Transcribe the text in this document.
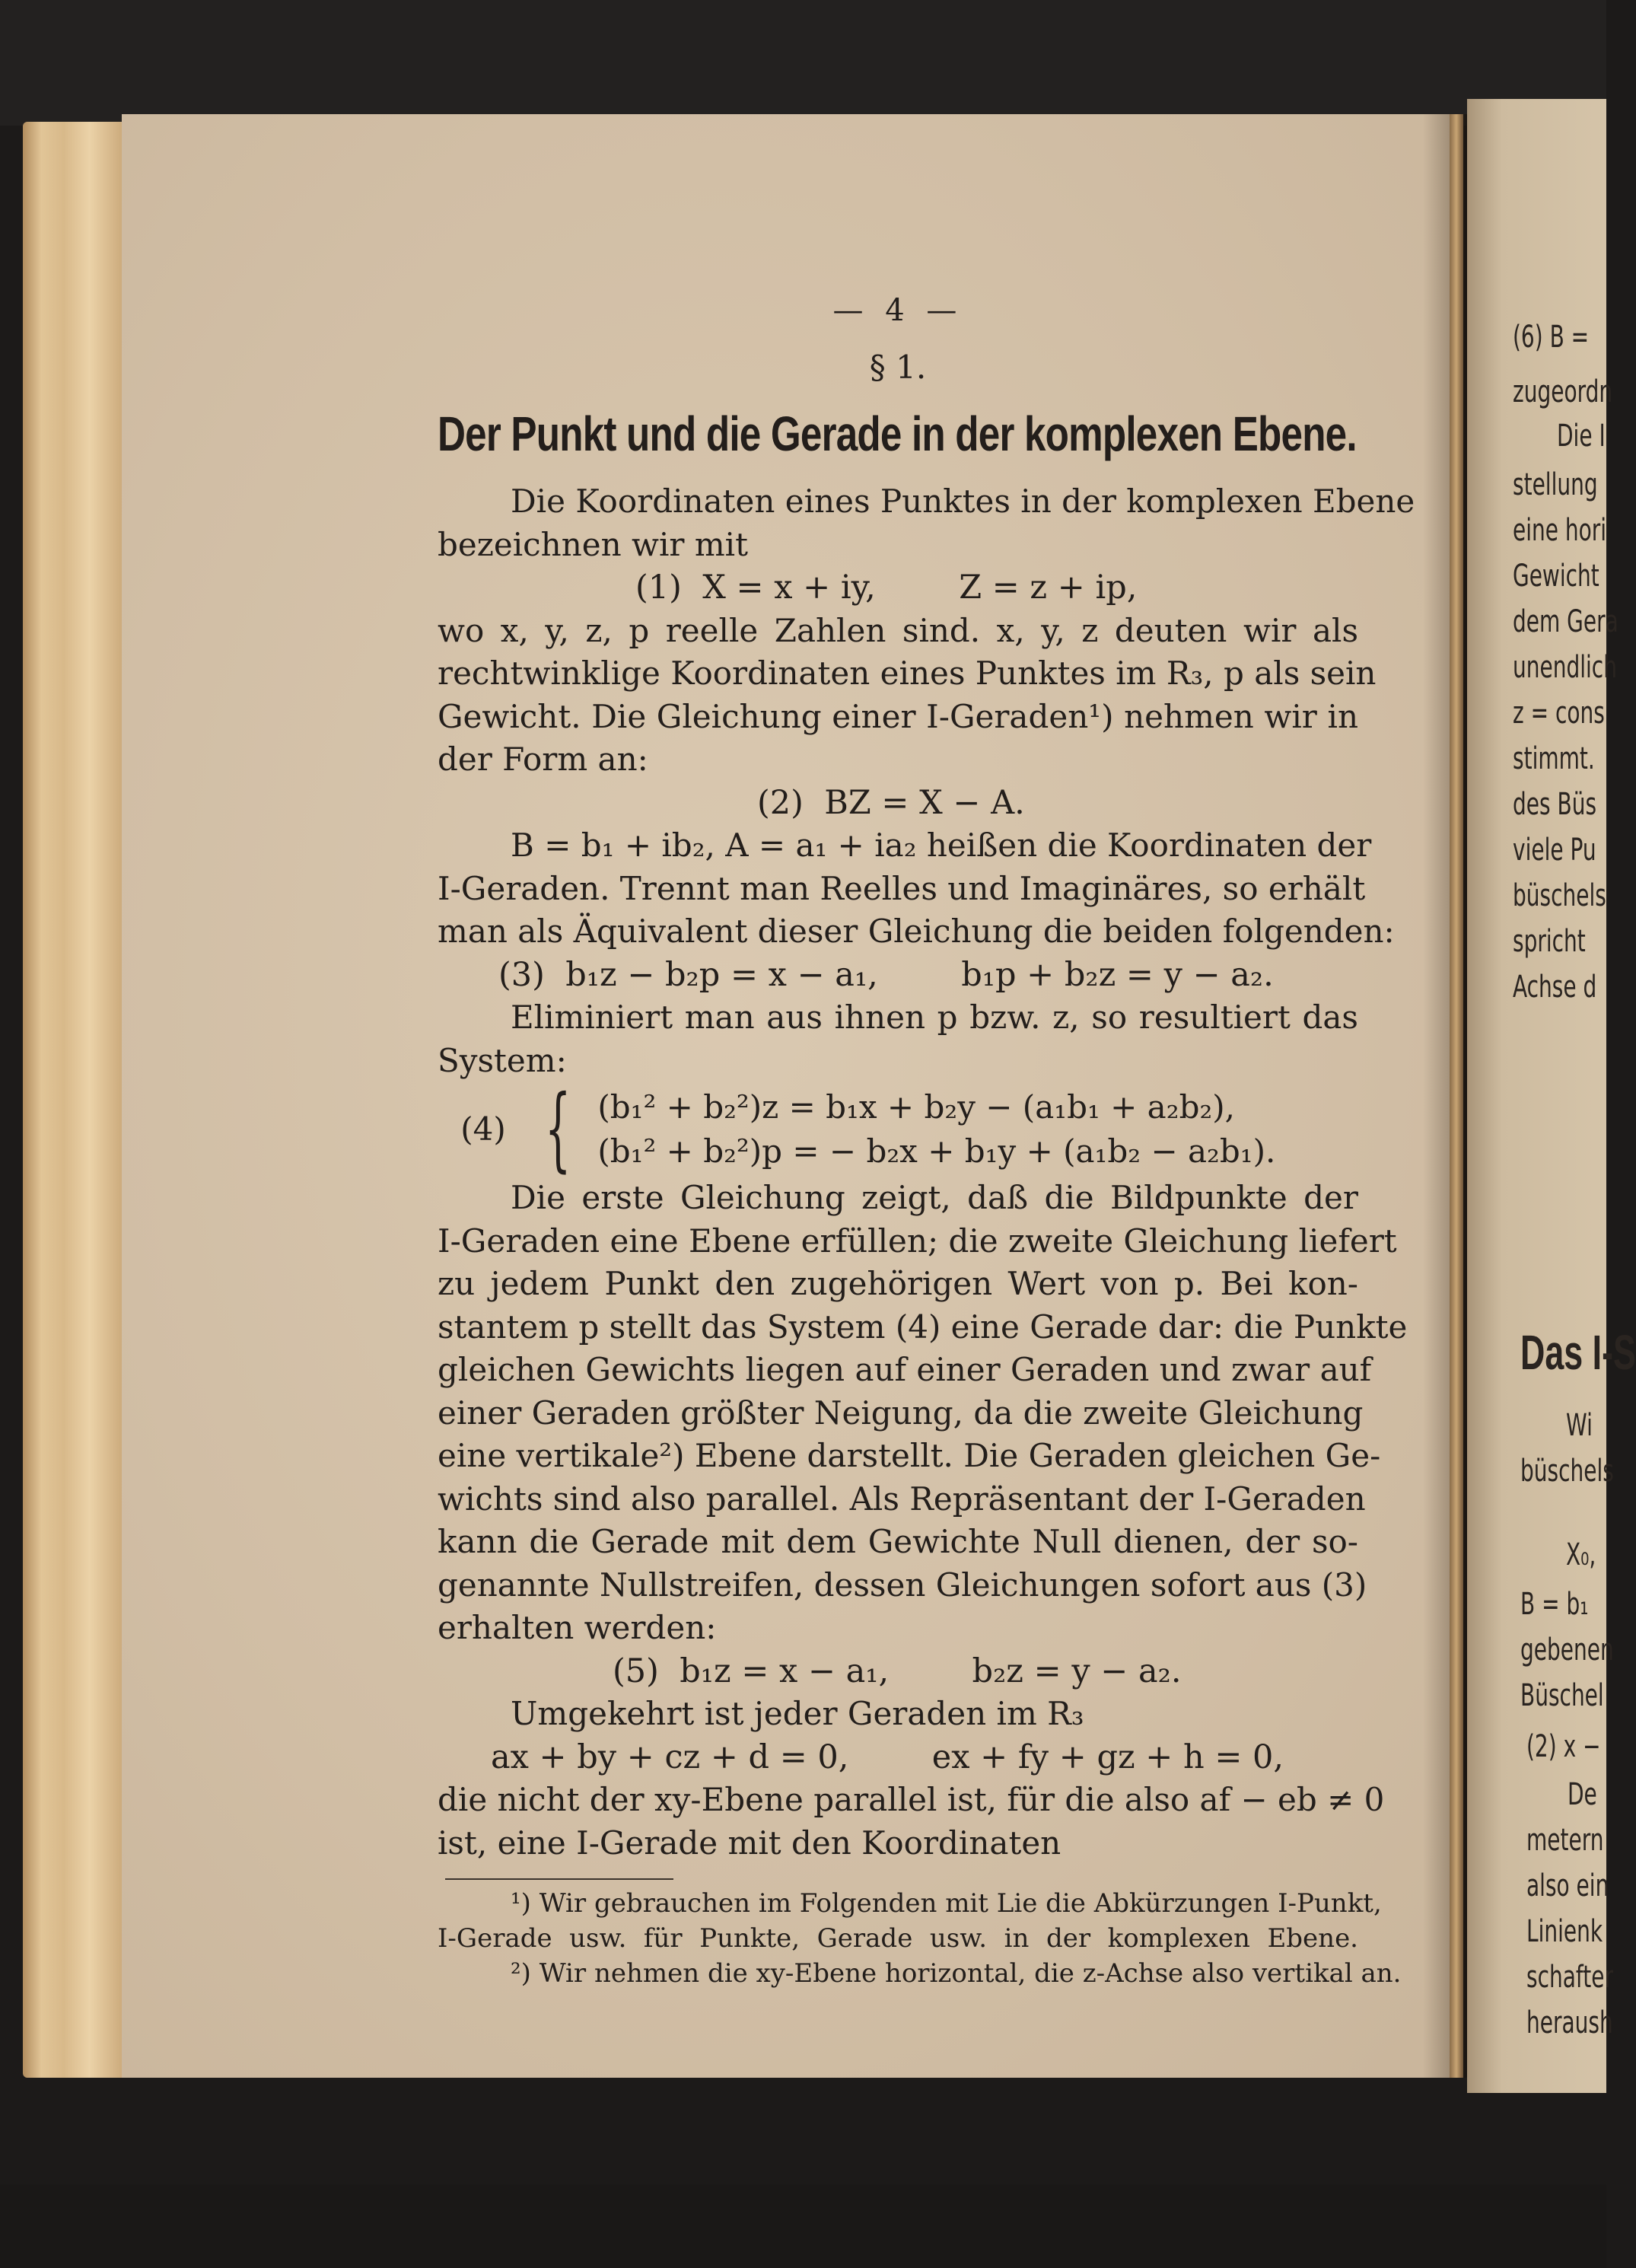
— 4 —
§ 1.
Der Punkt und die Gerade in der komplexen Ebene.
Die Koordinaten eines Punktes in der komplexen Ebene
bezeichnen wir mit
(1)  X = x + iy,        Z = z + ip,
wo x, y, z, p reelle Zahlen sind. x, y, z deuten wir als
rechtwinklige Koordinaten eines Punktes im R₃, p als sein
Gewicht. Die Gleichung einer I-Geraden¹) nehmen wir in
der Form an:
(2)  BZ = X − A.
B = b₁ + ib₂, A = a₁ + ia₂ heißen die Koordinaten der
I-Geraden. Trennt man Reelles und Imaginäres, so erhält
man als Äquivalent dieser Gleichung die beiden folgenden:
(3)  b₁z − b₂p = x − a₁,        b₁p + b₂z = y − a₂.
Eliminiert man aus ihnen p bzw. z, so resultiert das
System:
(4) { (b₁² + b₂²)z = b₁x + b₂y − (a₁b₁ + a₂b₂),
(b₁² + b₂²)p = − b₂x + b₁y + (a₁b₂ − a₂b₁).
Die erste Gleichung zeigt, daß die Bildpunkte der
I-Geraden eine Ebene erfüllen; die zweite Gleichung liefert
zu jedem Punkt den zugehörigen Wert von p. Bei kon-
stantem p stellt das System (4) eine Gerade dar: die Punkte
gleichen Gewichts liegen auf einer Geraden und zwar auf
einer Geraden größter Neigung, da die zweite Gleichung
eine vertikale²) Ebene darstellt. Die Geraden gleichen Ge-
wichts sind also parallel. Als Repräsentant der I-Geraden
kann die Gerade mit dem Gewichte Null dienen, der so-
genannte Nullstreifen, dessen Gleichungen sofort aus (3)
erhalten werden:
(5)  b₁z = x − a₁,        b₂z = y − a₂.
Umgekehrt ist jeder Geraden im R₃
ax + by + cz + d = 0,        ex + fy + gz + h = 0,
die nicht der xy-Ebene parallel ist, für die also af − eb ≠ 0
ist, eine I-Gerade mit den Koordinaten
¹) Wir gebrauchen im Folgenden mit Lie die Abkürzungen I-Punkt,
I-Gerade usw. für Punkte, Gerade usw. in der komplexen Ebene.
²) Wir nehmen die xy-Ebene horizontal, die z-Achse also vertikal an.
(6) B =
zugeordn
Die I
stellung
eine hori
Gewicht
dem Gera
unendlich
z = cons
stimmt.
des Büs
viele Pu
büschels
spricht
Achse d
Das I-S
Wi
büschels
X₀,
B = b₁
gebenen
Büschel
(2) x −
De
metern
also ein
Linienk
schafter
heraush
